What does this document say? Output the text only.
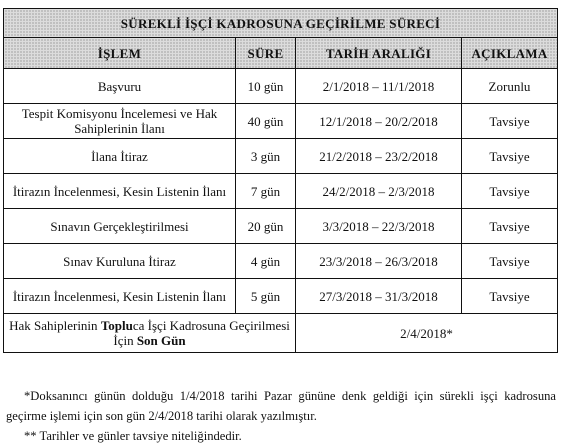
SÜREKLİ İŞÇİ KADROSUNA GEÇİRİLME SÜRECİ			
İŞLEM	SÜRE	TARİH ARALIĞI	AÇIKLAMA
Başvuru	10 gün	2/1/2018 – 11/1/2018	Zorunlu
Tespit Komisyonu İncelemesi ve Hak Sahiplerinin İlanı	40 gün	12/1/2018 – 20/2/2018	Tavsiye
İlana İtiraz	3 gün	21/2/2018 – 23/2/2018	Tavsiye
İtirazın İncelenmesi, Kesin Listenin İlanı	7 gün	24/2/2018 – 2/3/2018	Tavsiye
Sınavın Gerçekleştirilmesi	20 gün	3/3/2018 – 22/3/2018	Tavsiye
Sınav Kuruluna İtiraz	4 gün	23/3/2018 – 26/3/2018	Tavsiye
İtirazın İncelenmesi, Kesin Listenin İlanı	5 gün	27/3/2018 – 31/3/2018	Tavsiye
Hak Sahiplerinin Topluca İşçi Kadrosuna Geçirilmesi İçin Son Gün		2/4/2018*	

*Doksanıncı günün dolduğu 1/4/2018 tarihi Pazar gününe denk geldiği için sürekli işçi kadrosuna geçirme işlemi için son gün 2/4/2018 tarihi olarak yazılmıştır.

** Tarihler ve günler tavsiye niteliğindedir.
